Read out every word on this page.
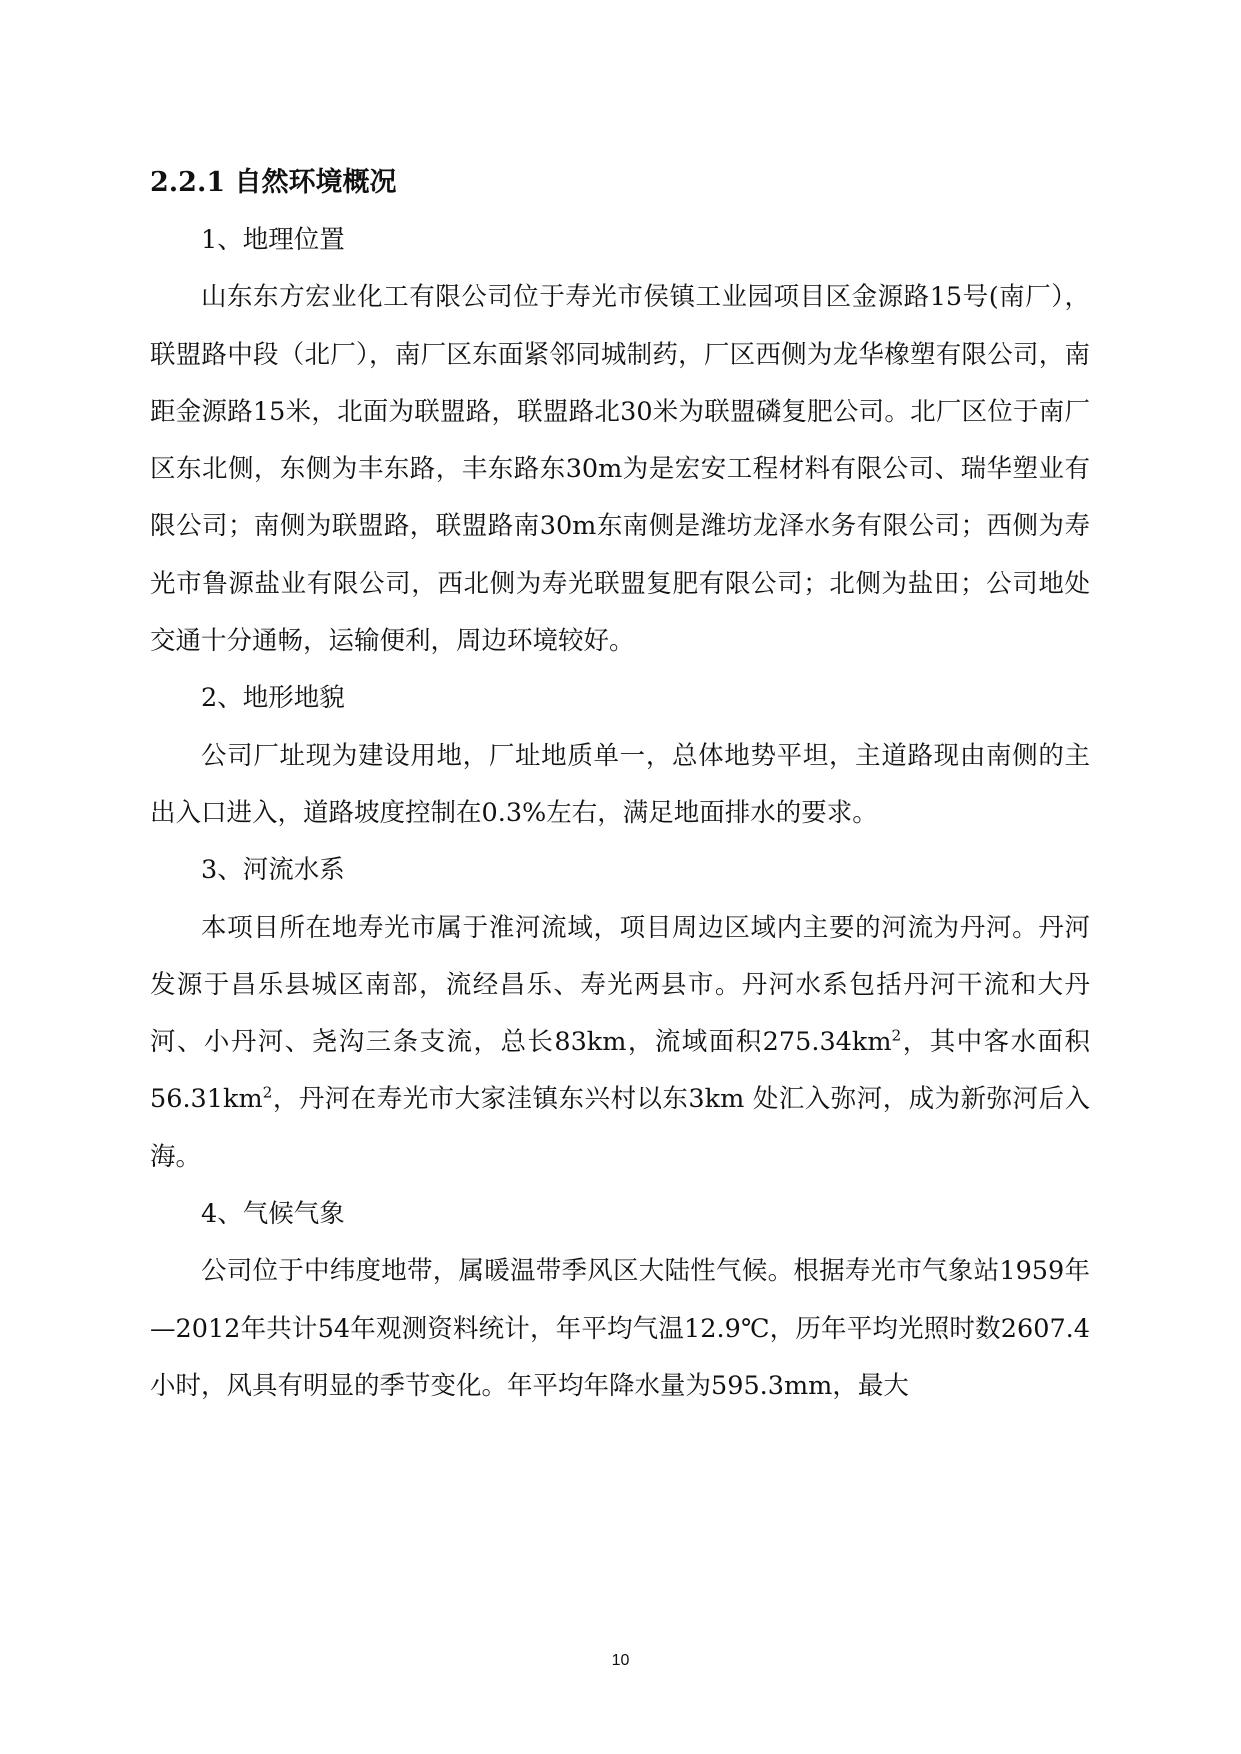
2.2.1 自然环境概况

1、地理位置

山东东方宏业化工有限公司位于寿光市侯镇工业园项目区金源路15号(南厂），联盟路中段（北厂），南厂区东面紧邻同城制药，厂区西侧为龙华橡塑有限公司，南距金源路15米，北面为联盟路，联盟路北30米为联盟磷复肥公司。北厂区位于南厂区东北侧，东侧为丰东路，丰东路东30m为是宏安工程材料有限公司、瑞华塑业有限公司；南侧为联盟路，联盟路南30m东南侧是潍坊龙泽水务有限公司；西侧为寿光市鲁源盐业有限公司，西北侧为寿光联盟复肥有限公司；北侧为盐田；公司地处交通十分通畅，运输便利，周边环境较好。

2、地形地貌

公司厂址现为建设用地，厂址地质单一，总体地势平坦，主道路现由南侧的主出入口进入，道路坡度控制在0.3%左右，满足地面排水的要求。

3、河流水系

本项目所在地寿光市属于淮河流域，项目周边区域内主要的河流为丹河。丹河发源于昌乐县城区南部，流经昌乐、寿光两县市。丹河水系包括丹河干流和大丹河、小丹河、尧沟三条支流，总长83km，流域面积$275.34km^2$，其中客水面积$56.31km^2$，丹河在寿光市大家洼镇东兴村以东3km 处汇入弥河，成为新弥河后入海。

4、气候气象

公司位于中纬度地带，属暖温带季风区大陆性气候。根据寿光市气象站1959年—2012年共计54年观测资料统计，年平均气温12.9℃，历年平均光照时数2607.4小时，风具有明显的季节变化。年平均年降水量为595.3mm，最大

10
